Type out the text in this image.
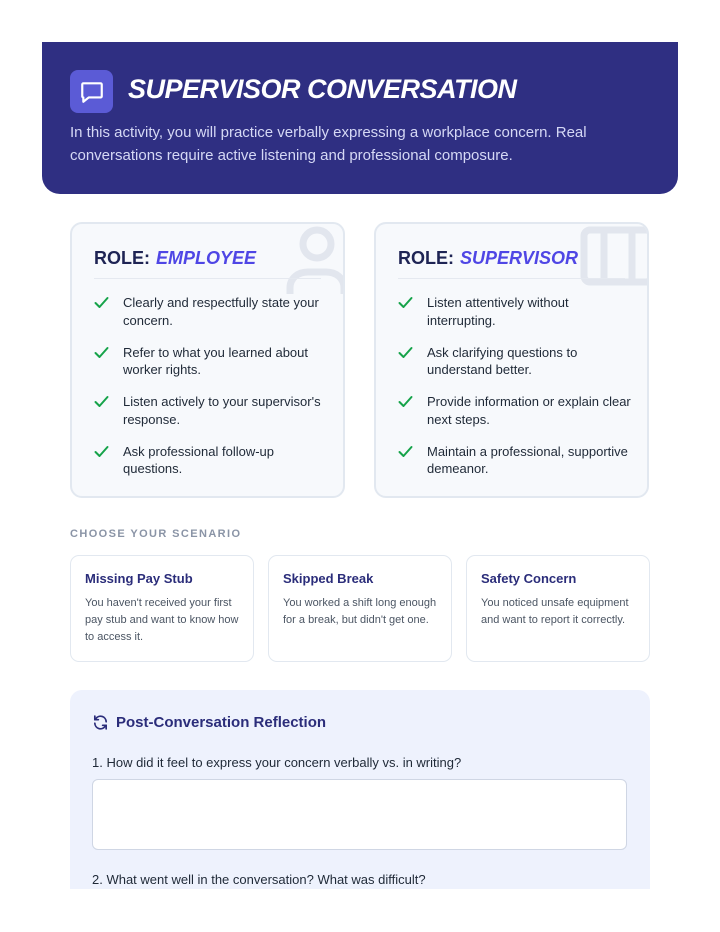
SUPERVISOR CONVERSATION
In this activity, you will practice verbally expressing a workplace concern. Real conversations require active listening and professional composure.
ROLE: EMPLOYEE
Clearly and respectfully state your concern.
Refer to what you learned about worker rights.
Listen actively to your supervisor's response.
Ask professional follow-up questions.
ROLE: SUPERVISOR
Listen attentively without interrupting.
Ask clarifying questions to understand better.
Provide information or explain clear next steps.
Maintain a professional, supportive demeanor.
CHOOSE YOUR SCENARIO
Missing Pay Stub
You haven't received your first pay stub and want to know how to access it.
Skipped Break
You worked a shift long enough for a break, but didn't get one.
Safety Concern
You noticed unsafe equipment and want to report it correctly.
Post-Conversation Reflection
1. How did it feel to express your concern verbally vs. in writing?
2. What went well in the conversation? What was difficult?
